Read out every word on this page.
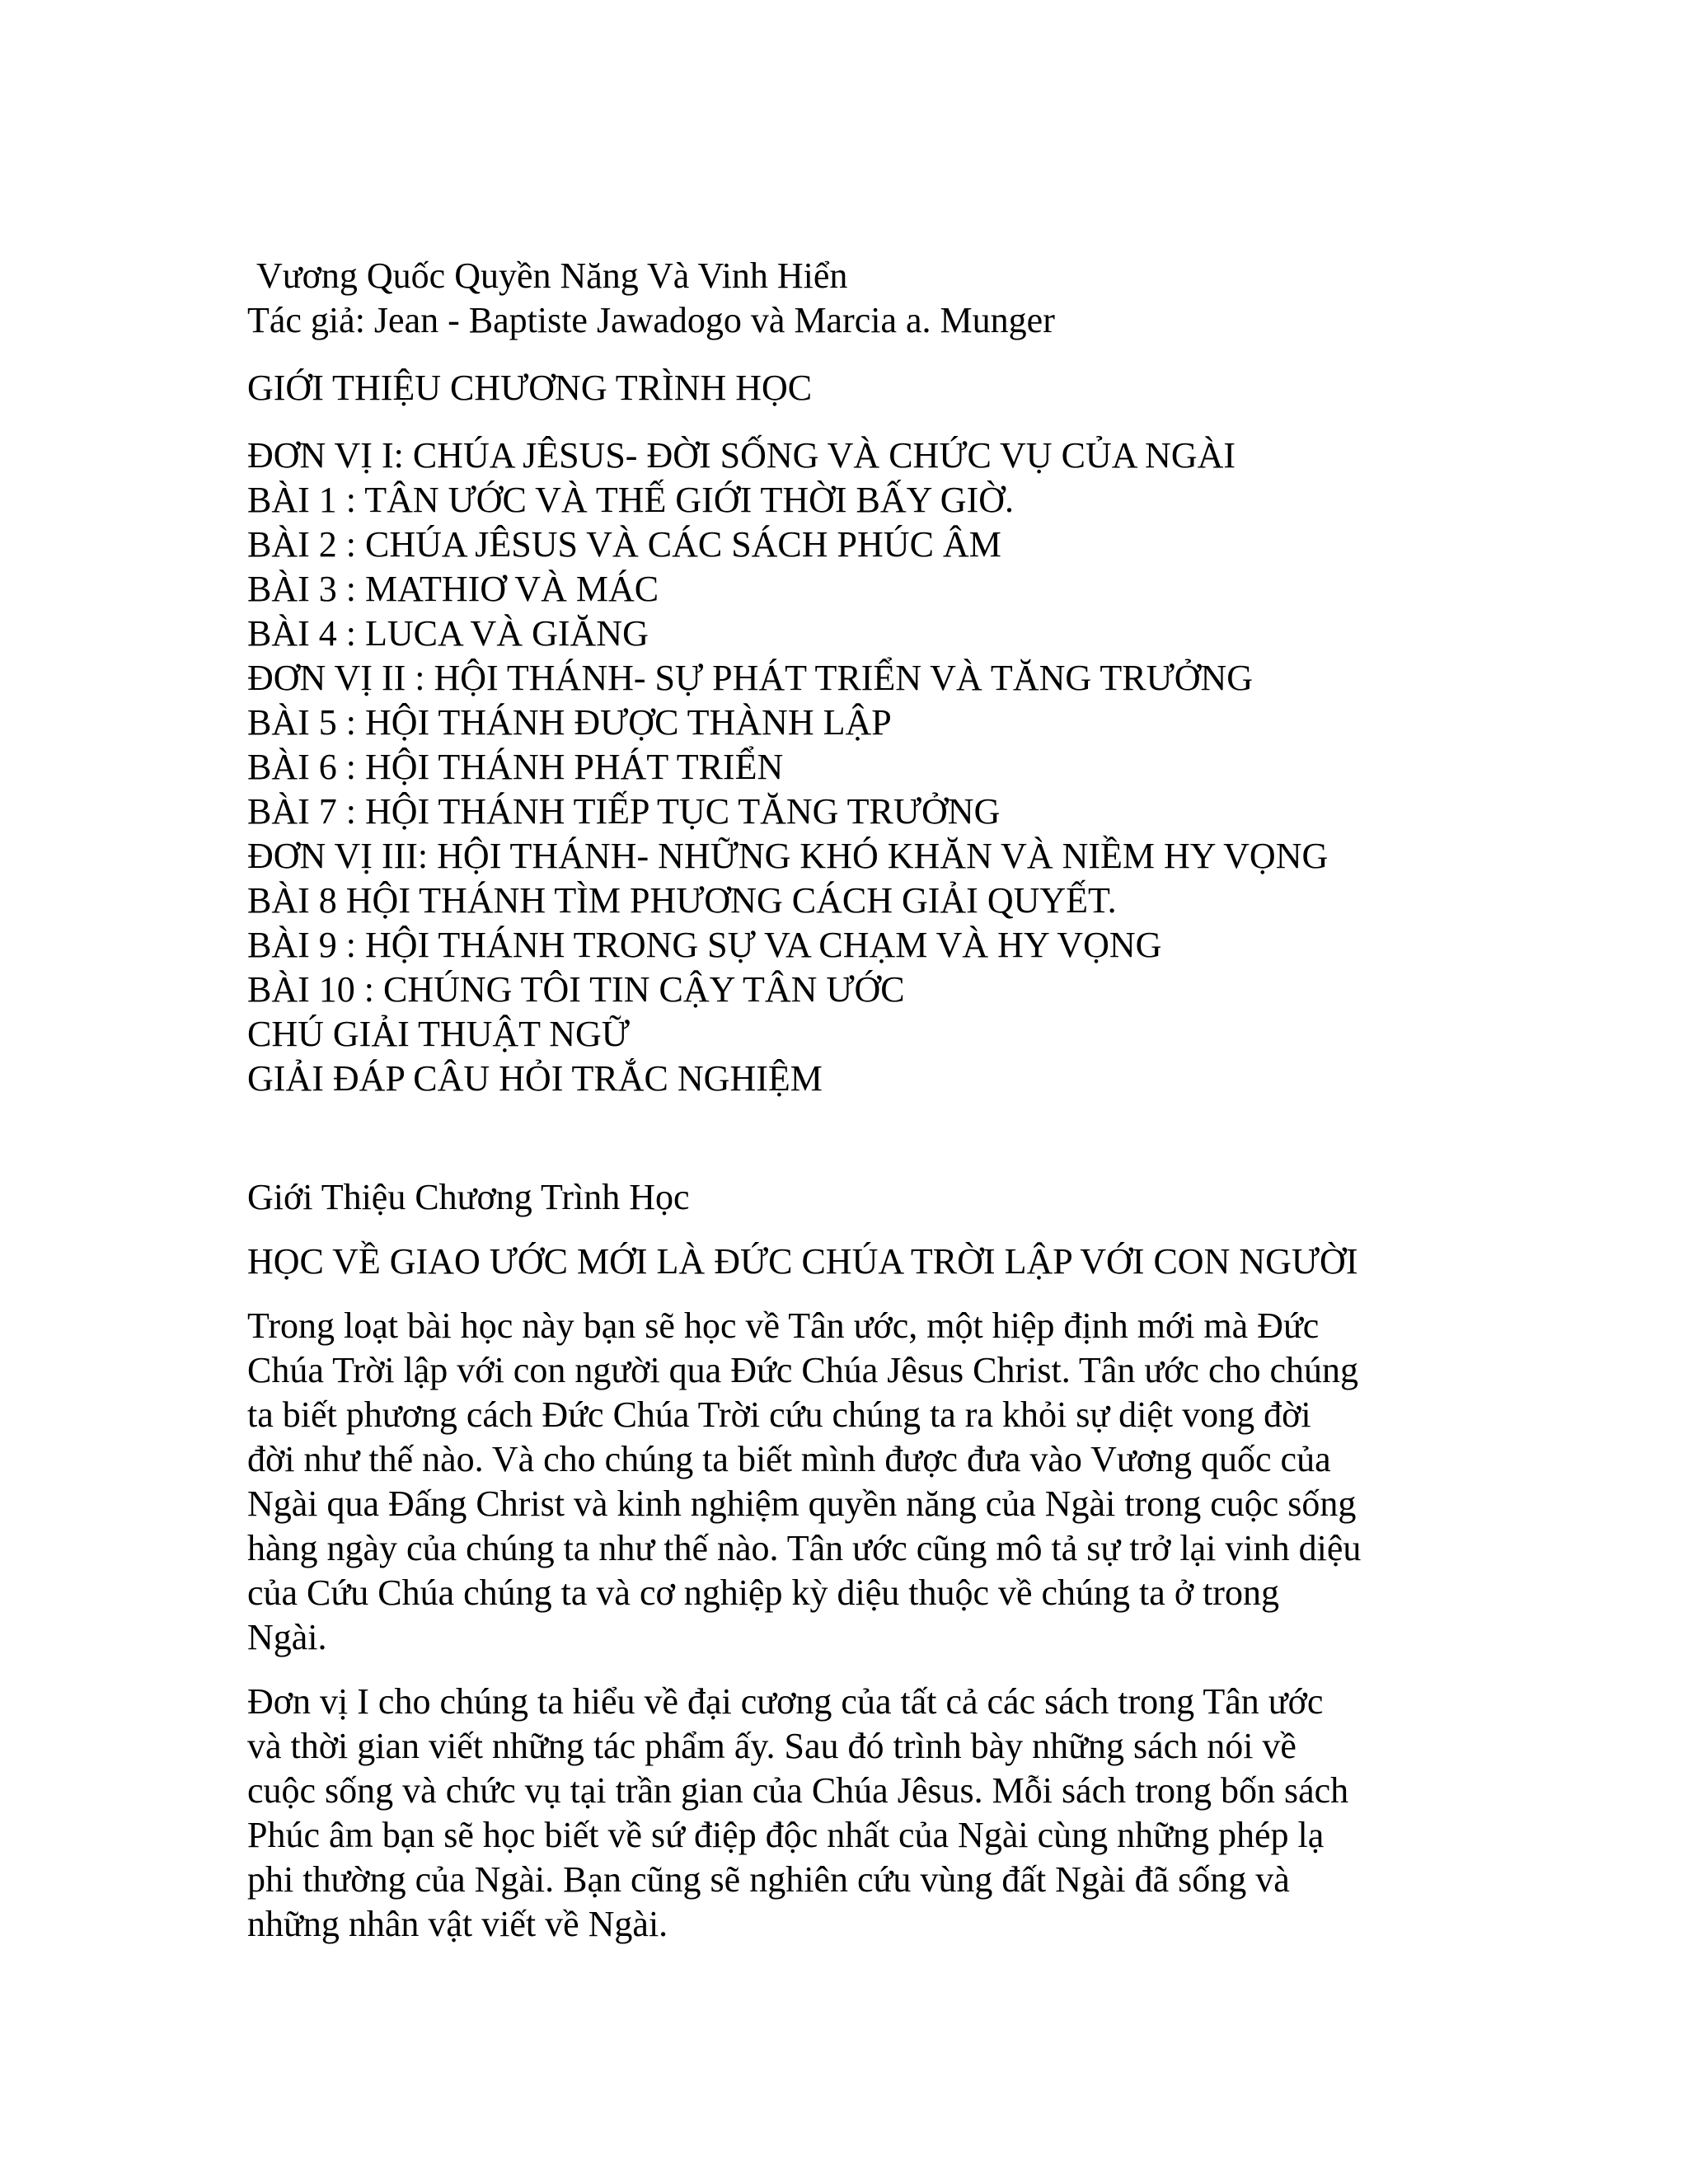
Vương Quốc Quyền Năng Và Vinh Hiển
Tác giả: Jean - Baptiste Jawadogo và Marcia a. Munger
GIỚI THIỆU CHƯƠNG TRÌNH HỌC
ĐƠN VỊ I: CHÚA JÊSUS- ĐỜI SỐNG VÀ CHỨC VỤ CỦA NGÀI
BÀI 1 : TÂN ƯỚC VÀ THẾ GIỚI THỜI BẤY GIỜ.
BÀI 2 : CHÚA JÊSUS VÀ CÁC SÁCH PHÚC ÂM
BÀI 3 : MATHIƠ VÀ MÁC
BÀI 4 : LUCA VÀ GIĂNG
ĐƠN VỊ II : HỘI THÁNH- SỰ PHÁT TRIỂN VÀ TĂNG TRƯỞNG
BÀI 5 : HỘI THÁNH ĐƯỢC THÀNH LẬP
BÀI 6 : HỘI THÁNH PHÁT TRIỂN
BÀI 7 : HỘI THÁNH TIẾP TỤC TĂNG TRƯỞNG
ĐƠN VỊ III: HỘI THÁNH- NHỮNG KHÓ KHĂN VÀ NIỀM HY VỌNG
BÀI 8 HỘI THÁNH TÌM PHƯƠNG CÁCH GIẢI QUYẾT.
BÀI 9 : HỘI THÁNH TRONG SỰ VA CHẠM VÀ HY VỌNG
BÀI 10 : CHÚNG TÔI TIN CẬY TÂN ƯỚC
CHÚ GIẢI THUẬT NGỮ
GIẢI ĐÁP CÂU HỎI TRẮC NGHIỆM
Giới Thiệu Chương Trình Học
HỌC VỀ GIAO ƯỚC MỚI LÀ ĐỨC CHÚA TRỜI LẬP VỚI CON NGƯỜI
Trong loạt bài học này bạn sẽ học về Tân ước, một hiệp định mới mà Đức
Chúa Trời lập với con người qua Đức Chúa Jêsus Christ. Tân ước cho chúng
ta biết phương cách Đức Chúa Trời cứu chúng ta ra khỏi sự diệt vong đời
đời như thế nào. Và cho chúng ta biết mình được đưa vào Vương quốc của
Ngài qua Đấng Christ và kinh nghiệm quyền năng của Ngài trong cuộc sống
hàng ngày của chúng ta như thế nào. Tân ước cũng mô tả sự trở lại vinh diệu
của Cứu Chúa chúng ta và cơ nghiệp kỳ diệu thuộc về chúng ta ở trong
Ngài.
Đơn vị I cho chúng ta hiểu về đại cương của tất cả các sách trong Tân ước
và thời gian viết những tác phẩm ấy. Sau đó trình bày những sách nói về
cuộc sống và chức vụ tại trần gian của Chúa Jêsus. Mỗi sách trong bốn sách
Phúc âm bạn sẽ học biết về sứ điệp độc nhất của Ngài cùng những phép lạ
phi thường của Ngài. Bạn cũng sẽ nghiên cứu vùng đất Ngài đã sống và
những nhân vật viết về Ngài.
